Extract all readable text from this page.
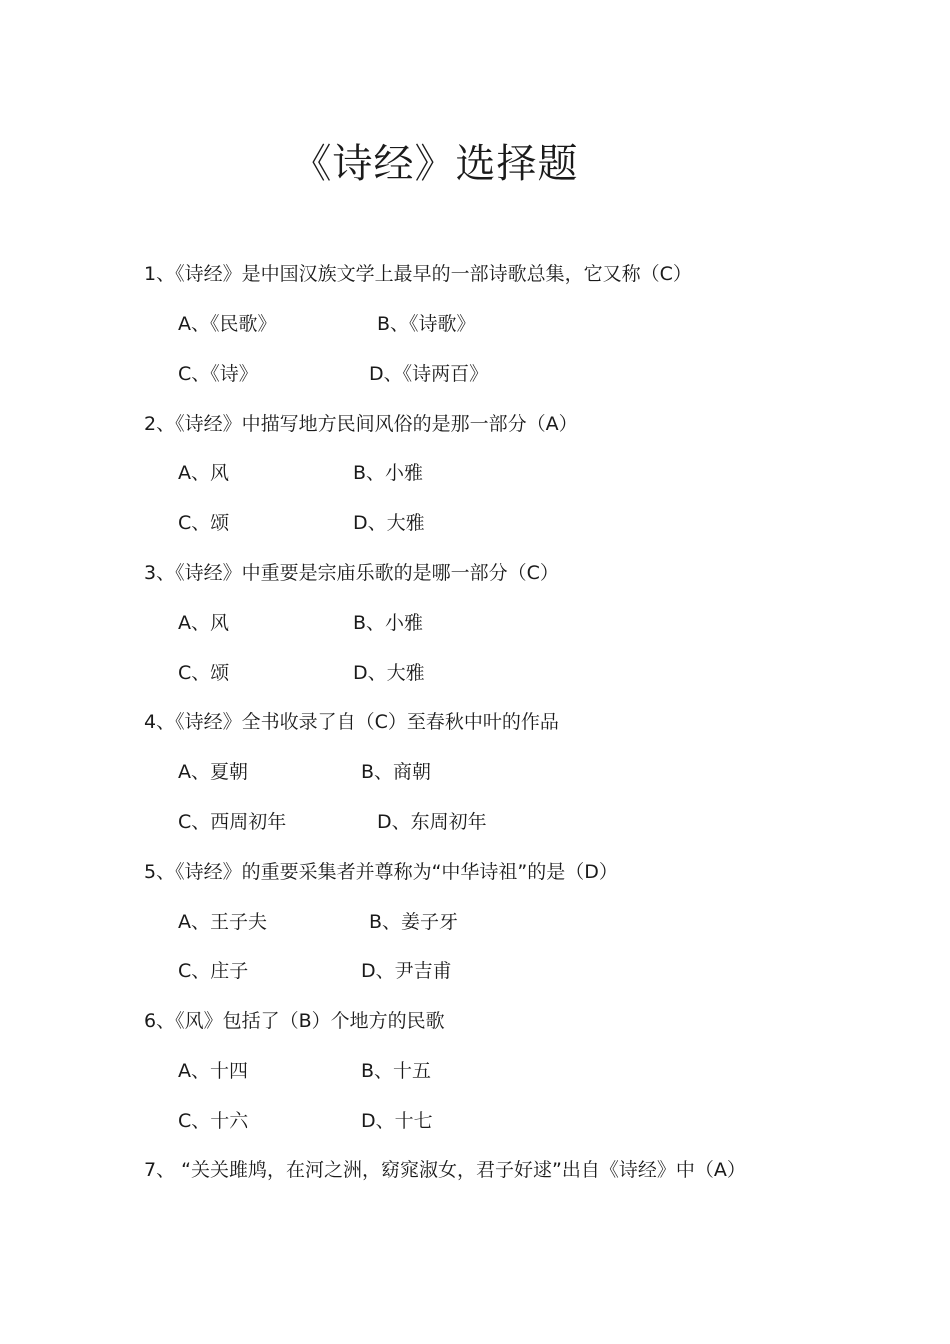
《诗经》选择题
1、《诗经》是中国汉族文学上最早的一部诗歌总集，它又称（C）
A、《民歌》	B、《诗歌》
C、《诗》	D、《诗两百》
2、《诗经》中描写地方民间风俗的是那一部分（A）
A、风	B、小雅
C、颂	D、大雅
3、《诗经》中重要是宗庙乐歌的是哪一部分（C）
A、风	B、小雅
C、颂	D、大雅
4、《诗经》全书收录了自（C）至春秋中叶的作品
A、夏朝	B、商朝
C、西周初年	D、东周初年
5、《诗经》的重要采集者并尊称为“中华诗祖”的是（D）
A、王子夫	B、姜子牙
C、庄子	D、尹吉甫
6、《风》包括了（B）个地方的民歌
A、十四	B、十五
C、十六	D、十七
7、 “关关雎鸠，在河之洲，窈窕淑女，君子好逑”出自《诗经》中（A）
